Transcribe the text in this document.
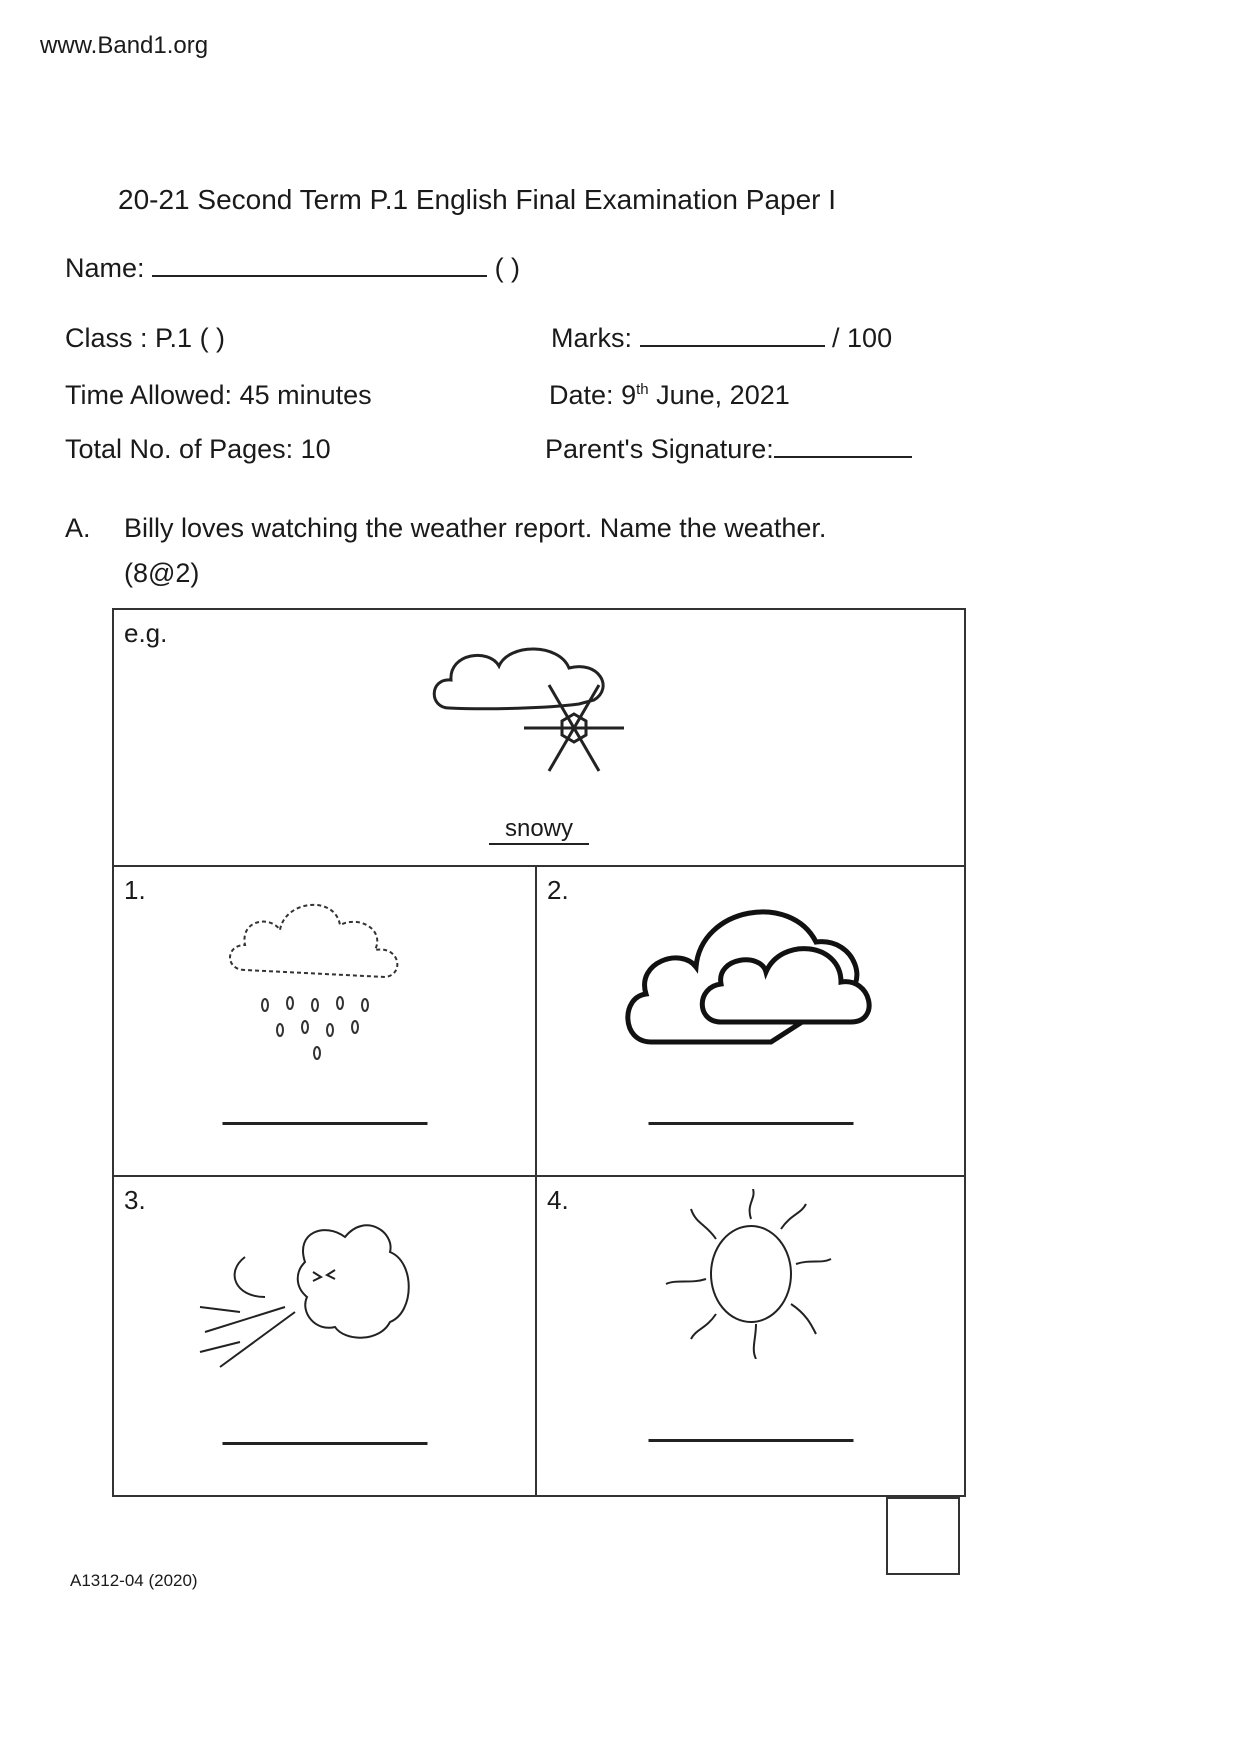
www.Band1.org
20-21 Second Term P.1 English Final Examination Paper I
Name:	( )
Class : P.1 ( )	Marks:	/ 100
Time Allowed: 45 minutes	Date: 9th June, 2021
Total No. of Pages: 10	Parent's Signature:
A. Billy loves watching the weather report. Name the weather.
(8@2)
e.g.
snowy	

1.	2.

3.	4.
A1312-04 (2020)
